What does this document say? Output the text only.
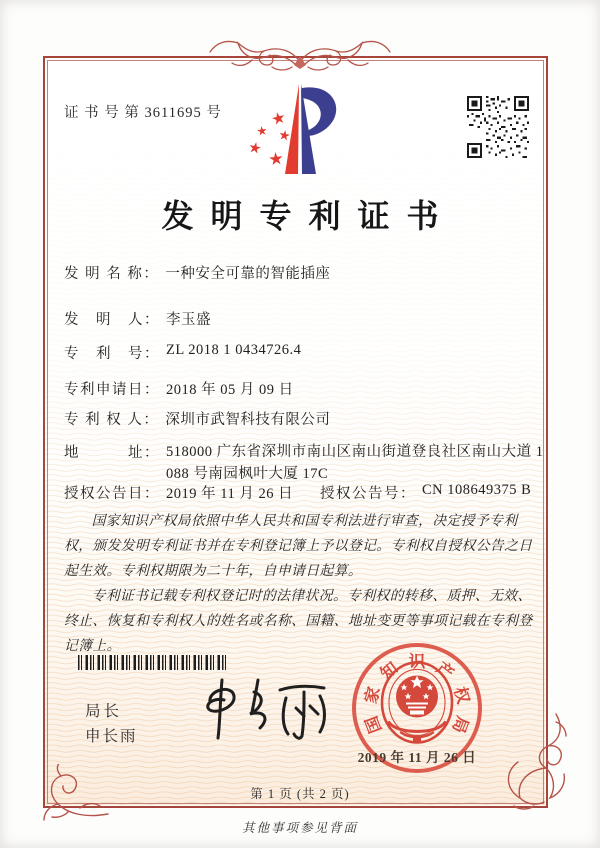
证 书 号 第 3611695 号
发明专利证书
发 明 名 称： 一种安全可靠的智能插座
发　明　人： 李玉盛
专　利　号： ZL 2018 1 0434726.4
专利申请日： 2018 年 05 月 09 日
专 利 权 人： 深圳市武智科技有限公司
地　　　址： 518000 广东省深圳市南山区南山街道登良社区南山大道 1
088 号南园枫叶大厦 17C
授权公告日： 2019 年 11 月 26 日 授权公告号： CN 108649375 B

国家知识产权局依照中华人民共和国专利法进行审查，决定授予专利权，颁发发明专利证书并在专利登记簿上予以登记。专利权自授权公告之日起生效。专利权期限为二十年，自申请日起算。

专利证书记载专利权登记时的法律状况。专利权的转移、质押、无效、终止、恢复和专利权人的姓名或名称、国籍、地址变更等事项记载在专利登记簿上。

局长
申长雨
国
家
知 识 产
权
局
2019 年 11 月 26 日
第 1 页 (共 2 页)
其他事项参见背面
